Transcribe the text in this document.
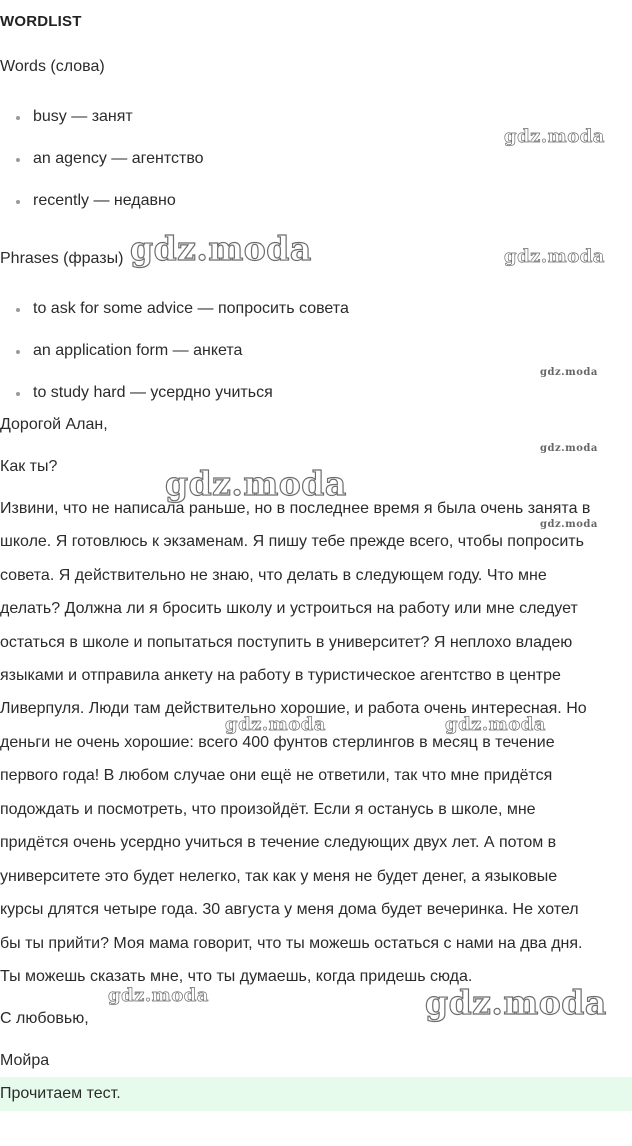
WORDLIST
Words (слова)
busy — занят
an agency — агентство
recently — недавно
Phrases (фразы)
to ask for some advice — попросить совета
an application form — анкета
to study hard — усердно учиться
Дорогой Алан,
Как ты?
Извини, что не написала раньше, но в последнее время я была очень занята в
школе. Я готовлюсь к экзаменам. Я пишу тебе прежде всего, чтобы попросить
совета. Я действительно не знаю, что делать в следующем году. Что мне
делать? Должна ли я бросить школу и устроиться на работу или мне следует
остаться в школе и попытаться поступить в университет? Я неплохо владею
языками и отправила анкету на работу в туристическое агентство в центре
Ливерпуля. Люди там действительно хорошие, и работа очень интересная. Но
деньги не очень хорошие: всего 400 фунтов стерлингов в месяц в течение
первого года! В любом случае они ещё не ответили, так что мне придётся
подождать и посмотреть, что произойдёт. Если я останусь в школе, мне
придётся очень усердно учиться в течение следующих двух лет. А потом в
университете это будет нелегко, так как у меня не будет денег, а языковые
курсы длятся четыре года. 30 августа у меня дома будет вечеринка. Не хотел
бы ты прийти? Моя мама говорит, что ты можешь остаться с нами на два дня.
Ты можешь сказать мне, что ты думаешь, когда придешь сюда.
С любовью,
Мойра
Прочитаем тест.
gdz.moda
gdz.moda	gdz.moda
gdz.moda
gdz.moda
gdz.moda
gdz.moda
gdz.moda	gdz.moda
gdz.moda	gdz.moda
